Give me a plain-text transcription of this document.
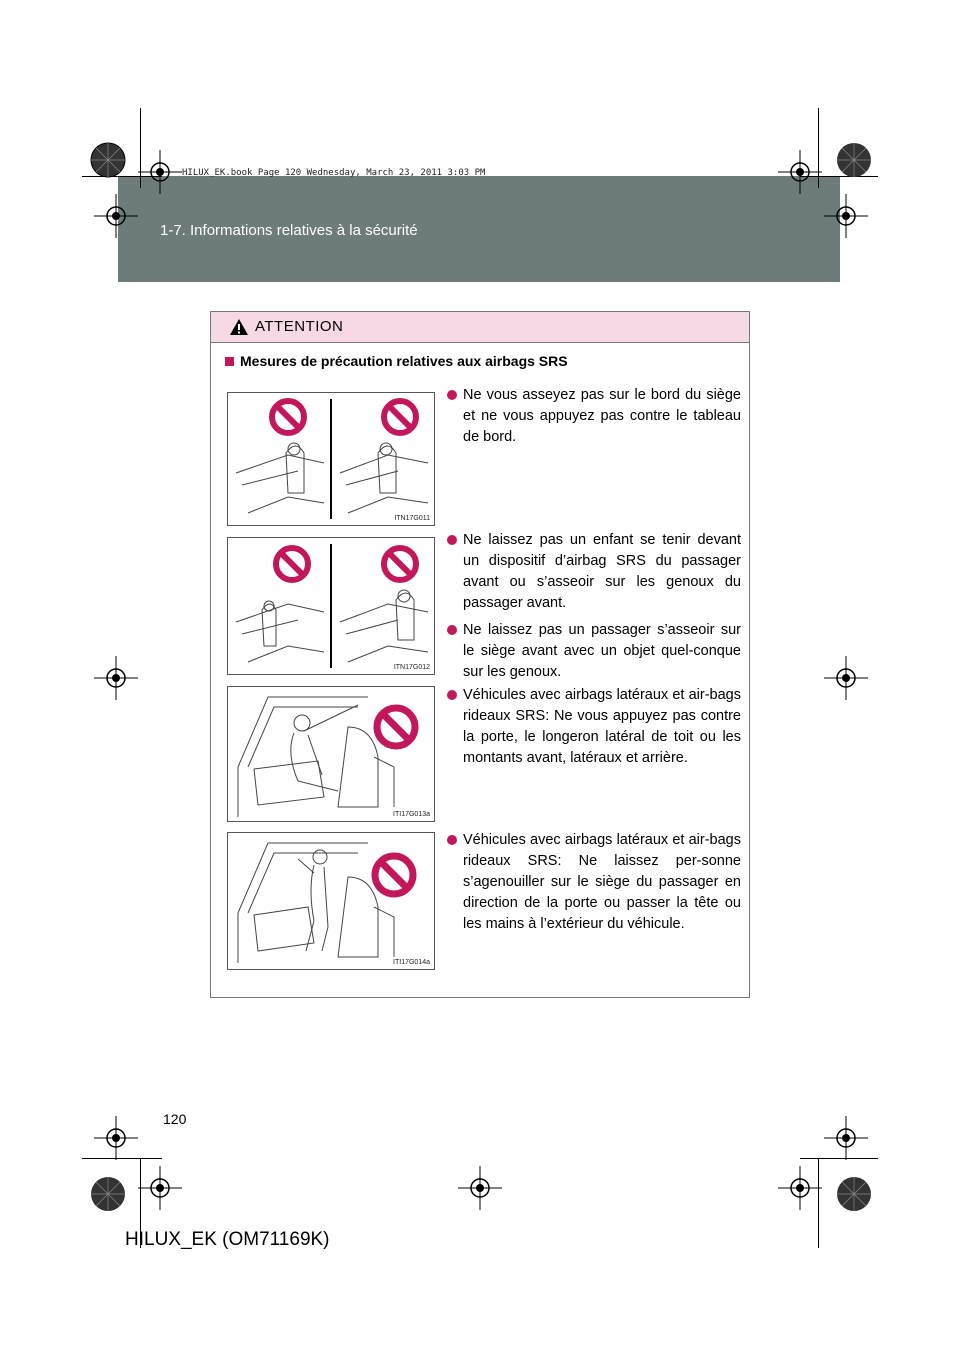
1-7. Informations relatives à la sécurité
HILUX_EK.book Page 120 Wednesday, March 23, 2011 3:03 PM
ATTENTION
Mesures de précaution relatives aux airbags SRS
ITN17G011
ITN17G012
ITI17G013a
ITI17G014a
Ne vous asseyez pas sur le bord du siège et ne vous appuyez pas contre le tableau de bord.
Ne laissez pas un enfant se tenir devant un dispositif d’airbag SRS du passager avant ou s’asseoir sur les genoux du passager avant.
Ne laissez pas un passager s’asseoir sur le siège avant avec un objet quel-conque sur les genoux.
Véhicules avec airbags latéraux et air-bags rideaux SRS: Ne vous appuyez pas contre la porte, le longeron latéral de toit ou les montants avant, latéraux et arrière.
Véhicules avec airbags latéraux et air-bags rideaux SRS: Ne laissez per-sonne s’agenouiller sur le siège du passager en direction de la porte ou passer la tête ou les mains à l’extérieur du véhicule.
120
HILUX_EK (OM71169K)
